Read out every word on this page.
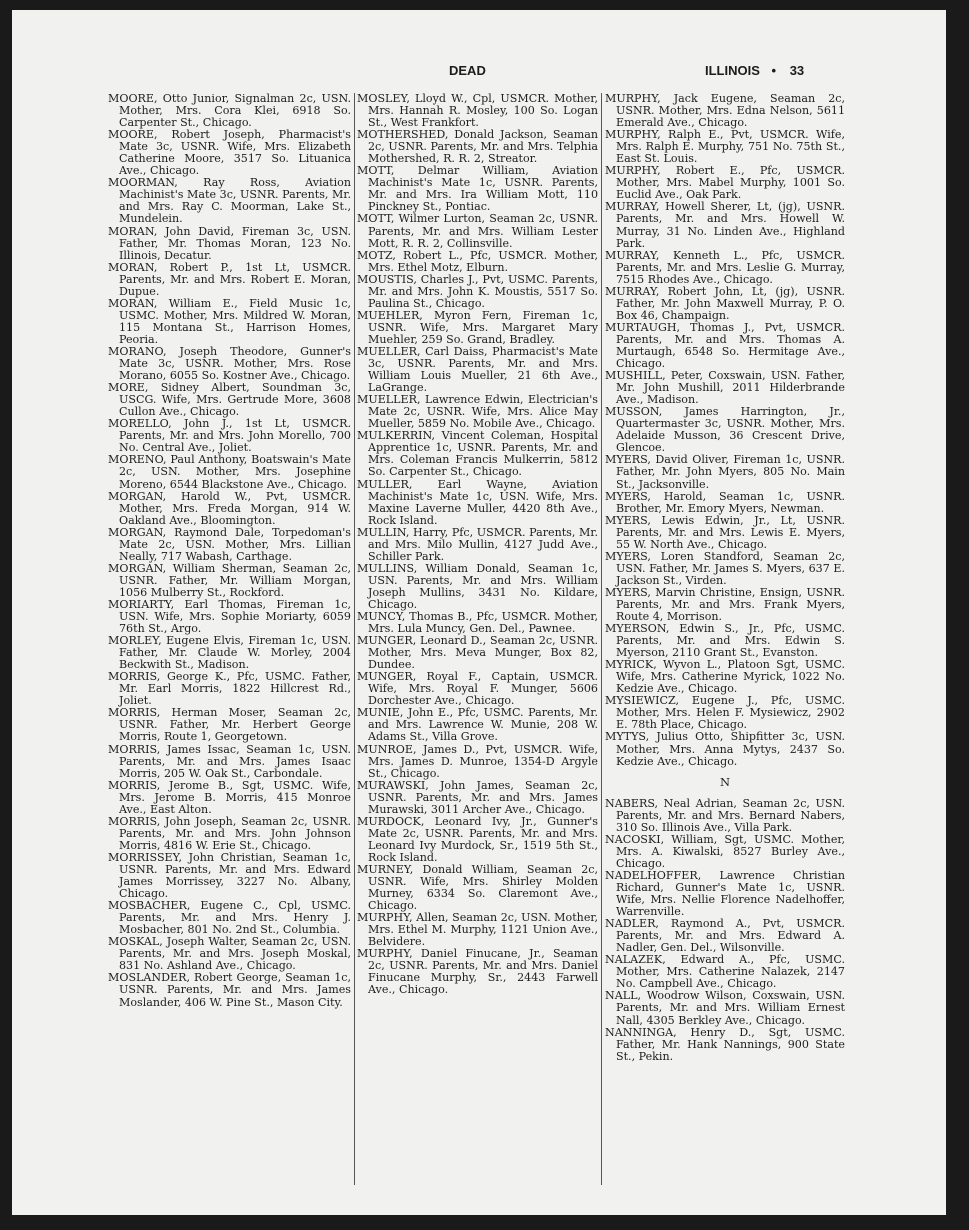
DEAD	ILLINOIS • 33

MOORE, Otto Junior, Signalman 2c, USN. Mother, Mrs. Cora Klei, 6918 So. Carpenter St., Chicago.

MOORE, Robert Joseph, Pharmacist's Mate 3c, USNR. Wife, Mrs. Elizabeth Catherine Moore, 3517 So. Lituanica Ave., Chicago.

MOORMAN, Ray Ross, Aviation Machinist's Mate 3c, USNR. Parents, Mr. and Mrs. Ray C. Moorman, Lake St., Mundelein.

MORAN, John David, Fireman 3c, USN. Father, Mr. Thomas Moran, 123 No. Illinois, Decatur.

MORAN, Robert P., 1st Lt, USMCR. Parents, Mr. and Mrs. Robert E. Moran, Dupue.

MORAN, William E., Field Music 1c, USMC. Mother, Mrs. Mildred W. Moran, 115 Montana St., Harrison Homes, Peoria.

MORANO, Joseph Theodore, Gunner's Mate 3c, USNR. Mother, Mrs. Rose Morano, 6055 So. Kostner Ave., Chicago.

MORE, Sidney Albert, Soundman 3c, USCG. Wife, Mrs. Gertrude More, 3608 Cullon Ave., Chicago.

MORELLO, John J., 1st Lt, USMCR. Parents, Mr. and Mrs. John Morello, 700 No. Central Ave., Joliet.

MORENO, Paul Anthony, Boatswain's Mate 2c, USN. Mother, Mrs. Josephine Moreno, 6544 Blackstone Ave., Chicago.

MORGAN, Harold W., Pvt, USMCR. Mother, Mrs. Freda Morgan, 914 W. Oakland Ave., Bloomington.

MORGAN, Raymond Dale, Torpedoman's Mate 2c, USN. Mother, Mrs. Lillian Neally, 717 Wabash, Carthage.

MORGAN, William Sherman, Seaman 2c, USNR. Father, Mr. William Morgan, 1056 Mulberry St., Rockford.

MORIARTY, Earl Thomas, Fireman 1c, USN. Wife, Mrs. Sophie Moriarty, 6059 76th St., Argo.

MORLEY, Eugene Elvis, Fireman 1c, USN. Father, Mr. Claude W. Morley, 2004 Beckwith St., Madison.

MORRIS, George K., Pfc, USMC. Father, Mr. Earl Morris, 1822 Hillcrest Rd., Joliet.

MORRIS, Herman Moser, Seaman 2c, USNR. Father, Mr. Herbert George Morris, Route 1, Georgetown.

MORRIS, James Issac, Seaman 1c, USN. Parents, Mr. and Mrs. James Isaac Morris, 205 W. Oak St., Carbondale.

MORRIS, Jerome B., Sgt, USMC. Wife, Mrs. Jerome B. Morris, 415 Monroe Ave., East Alton.

MORRIS, John Joseph, Seaman 2c, USNR. Parents, Mr. and Mrs. John Johnson Morris, 4816 W. Erie St., Chicago.

MORRISSEY, John Christian, Seaman 1c, USNR. Parents, Mr. and Mrs. Edward James Morrissey, 3227 No. Albany, Chicago.

MOSBACHER, Eugene C., Cpl, USMC. Parents, Mr. and Mrs. Henry J. Mosbacher, 801 No. 2nd St., Columbia.

MOSKAL, Joseph Walter, Seaman 2c, USN. Parents, Mr. and Mrs. Joseph Moskal, 831 No. Ashland Ave., Chicago.

MOSLANDER, Robert George, Seaman 1c, USNR. Parents, Mr. and Mrs. James Moslander, 406 W. Pine St., Mason City.

MOSLEY, Lloyd W., Cpl, USMCR. Mother, Mrs. Hannah R. Mosley, 100 So. Logan St., West Frankfort.

MOTHERSHED, Donald Jackson, Seaman 2c, USNR. Parents, Mr. and Mrs. Telphia Mothershed, R. R. 2, Streator.

MOTT, Delmar William, Aviation Machinist's Mate 1c, USNR. Parents, Mr. and Mrs. Ira William Mott, 110 Pinckney St., Pontiac.

MOTT, Wilmer Lurton, Seaman 2c, USNR. Parents, Mr. and Mrs. William Lester Mott, R. R. 2, Collinsville.

MOTZ, Robert L., Pfc, USMCR. Mother, Mrs. Ethel Motz, Elburn.

MOUSTIS, Charles J., Pvt, USMC. Parents, Mr. and Mrs. John K. Moustis, 5517 So. Paulina St., Chicago.

MUEHLER, Myron Fern, Fireman 1c, USNR. Wife, Mrs. Margaret Mary Muehler, 259 So. Grand, Bradley.

MUELLER, Carl Daiss, Pharmacist's Mate 3c, USNR. Parents, Mr. and Mrs. William Louis Mueller, 21 6th Ave., LaGrange.

MUELLER, Lawrence Edwin, Electrician's Mate 2c, USNR. Wife, Mrs. Alice May Mueller, 5859 No. Mobile Ave., Chicago.

MULKERRIN, Vincent Coleman, Hospital Apprentice 1c, USNR. Parents, Mr. and Mrs. Coleman Francis Mulkerrin, 5812 So. Carpenter St., Chicago.

MULLER, Earl Wayne, Aviation Machinist's Mate 1c, USN. Wife, Mrs. Maxine Laverne Muller, 4420 8th Ave., Rock Island.

MULLIN, Harry, Pfc, USMCR. Parents, Mr. and Mrs. Milo Mullin, 4127 Judd Ave., Schiller Park.

MULLINS, William Donald, Seaman 1c, USN. Parents, Mr. and Mrs. William Joseph Mullins, 3431 No. Kildare, Chicago.

MUNCY, Thomas B., Pfc, USMCR. Mother, Mrs. Lula Muncy, Gen. Del., Pawnee.

MUNGER, Leonard D., Seaman 2c, USNR. Mother, Mrs. Meva Munger, Box 82, Dundee.

MUNGER, Royal F., Captain, USMCR. Wife, Mrs. Royal F. Munger, 5606 Dorchester Ave., Chicago.

MUNIE, John E., Pfc, USMC. Parents, Mr. and Mrs. Lawrence W. Munie, 208 W. Adams St., Villa Grove.

MUNROE, James D., Pvt, USMCR. Wife, Mrs. James D. Munroe, 1354-D Argyle St., Chicago.

MURAWSKI, John James, Seaman 2c, USNR. Parents, Mr. and Mrs. James Murawski, 3011 Archer Ave., Chicago.

MURDOCK, Leonard Ivy, Jr., Gunner's Mate 2c, USNR. Parents, Mr. and Mrs. Leonard Ivy Murdock, Sr., 1519 5th St., Rock Island.

MURNEY, Donald William, Seaman 2c, USNR. Wife, Mrs. Shirley Molden Murney, 6334 So. Claremont Ave., Chicago.

MURPHY, Allen, Seaman 2c, USN. Mother, Mrs. Ethel M. Murphy, 1121 Union Ave., Belvidere.

MURPHY, Daniel Finucane, Jr., Seaman 2c, USNR. Parents, Mr. and Mrs. Daniel Finucane Murphy, Sr., 2443 Farwell Ave., Chicago.

MURPHY, Jack Eugene, Seaman 2c, USNR. Mother, Mrs. Edna Nelson, 5611 Emerald Ave., Chicago.

MURPHY, Ralph E., Pvt, USMCR. Wife, Mrs. Ralph E. Murphy, 751 No. 75th St., East St. Louis.

MURPHY, Robert E., Pfc, USMCR. Mother, Mrs. Mabel Murphy, 1001 So. Euclid Ave., Oak Park.

MURRAY, Howell Sherer, Lt, (jg), USNR. Parents, Mr. and Mrs. Howell W. Murray, 31 No. Linden Ave., Highland Park.

MURRAY, Kenneth L., Pfc, USMCR. Parents, Mr. and Mrs. Leslie G. Murray, 7515 Rhodes Ave., Chicago.

MURRAY, Robert John, Lt, (jg), USNR. Father, Mr. John Maxwell Murray, P. O. Box 46, Champaign.

MURTAUGH, Thomas J., Pvt, USMCR. Parents, Mr. and Mrs. Thomas A. Murtaugh, 6548 So. Hermitage Ave., Chicago.

MUSHILL, Peter, Coxswain, USN. Father, Mr. John Mushill, 2011 Hilderbrande Ave., Madison.

MUSSON, James Harrington, Jr., Quartermaster 3c, USNR. Mother, Mrs. Adelaide Musson, 36 Crescent Drive, Glencoe.

MYERS, David Oliver, Fireman 1c, USNR. Father, Mr. John Myers, 805 No. Main St., Jacksonville.

MYERS, Harold, Seaman 1c, USNR. Brother, Mr. Emory Myers, Newman.

MYERS, Lewis Edwin, Jr., Lt, USNR. Parents, Mr. and Mrs. Lewis E. Myers, 55 W. North Ave., Chicago.

MYERS, Loren Standford, Seaman 2c, USN. Father, Mr. James S. Myers, 637 E. Jackson St., Virden.

MYERS, Marvin Christine, Ensign, USNR. Parents, Mr. and Mrs. Frank Myers, Route 4, Morrison.

MYERSON, Edwin S., Jr., Pfc, USMC. Parents, Mr. and Mrs. Edwin S. Myerson, 2110 Grant St., Evanston.

MYRICK, Wyvon L., Platoon Sgt, USMC. Wife, Mrs. Catherine Myrick, 1022 No. Kedzie Ave., Chicago.

MYSIEWICZ, Eugene J., Pfc, USMC. Mother, Mrs. Helen F. Mysiewicz, 2902 E. 78th Place, Chicago.

MYTYS, Julius Otto, Shipfitter 3c, USN. Mother, Mrs. Anna Mytys, 2437 So. Kedzie Ave., Chicago.

N

NABERS, Neal Adrian, Seaman 2c, USN. Parents, Mr. and Mrs. Bernard Nabers, 310 So. Illinois Ave., Villa Park.

NACOSKI, William, Sgt, USMC. Mother, Mrs. A. Kiwalski, 8527 Burley Ave., Chicago.

NADELHOFFER, Lawrence Christian Richard, Gunner's Mate 1c, USNR. Wife, Mrs. Nellie Florence Nadelhoffer, Warrenville.

NADLER, Raymond A., Pvt, USMCR. Parents, Mr. and Mrs. Edward A. Nadler, Gen. Del., Wilsonville.

NALAZEK, Edward A., Pfc, USMC. Mother, Mrs. Catherine Nalazek, 2147 No. Campbell Ave., Chicago.

NALL, Woodrow Wilson, Coxswain, USN. Parents, Mr. and Mrs. William Ernest Nall, 4305 Berkley Ave., Chicago.

NANNINGA, Henry D., Sgt, USMC. Father, Mr. Hank Nannings, 900 State St., Pekin.
